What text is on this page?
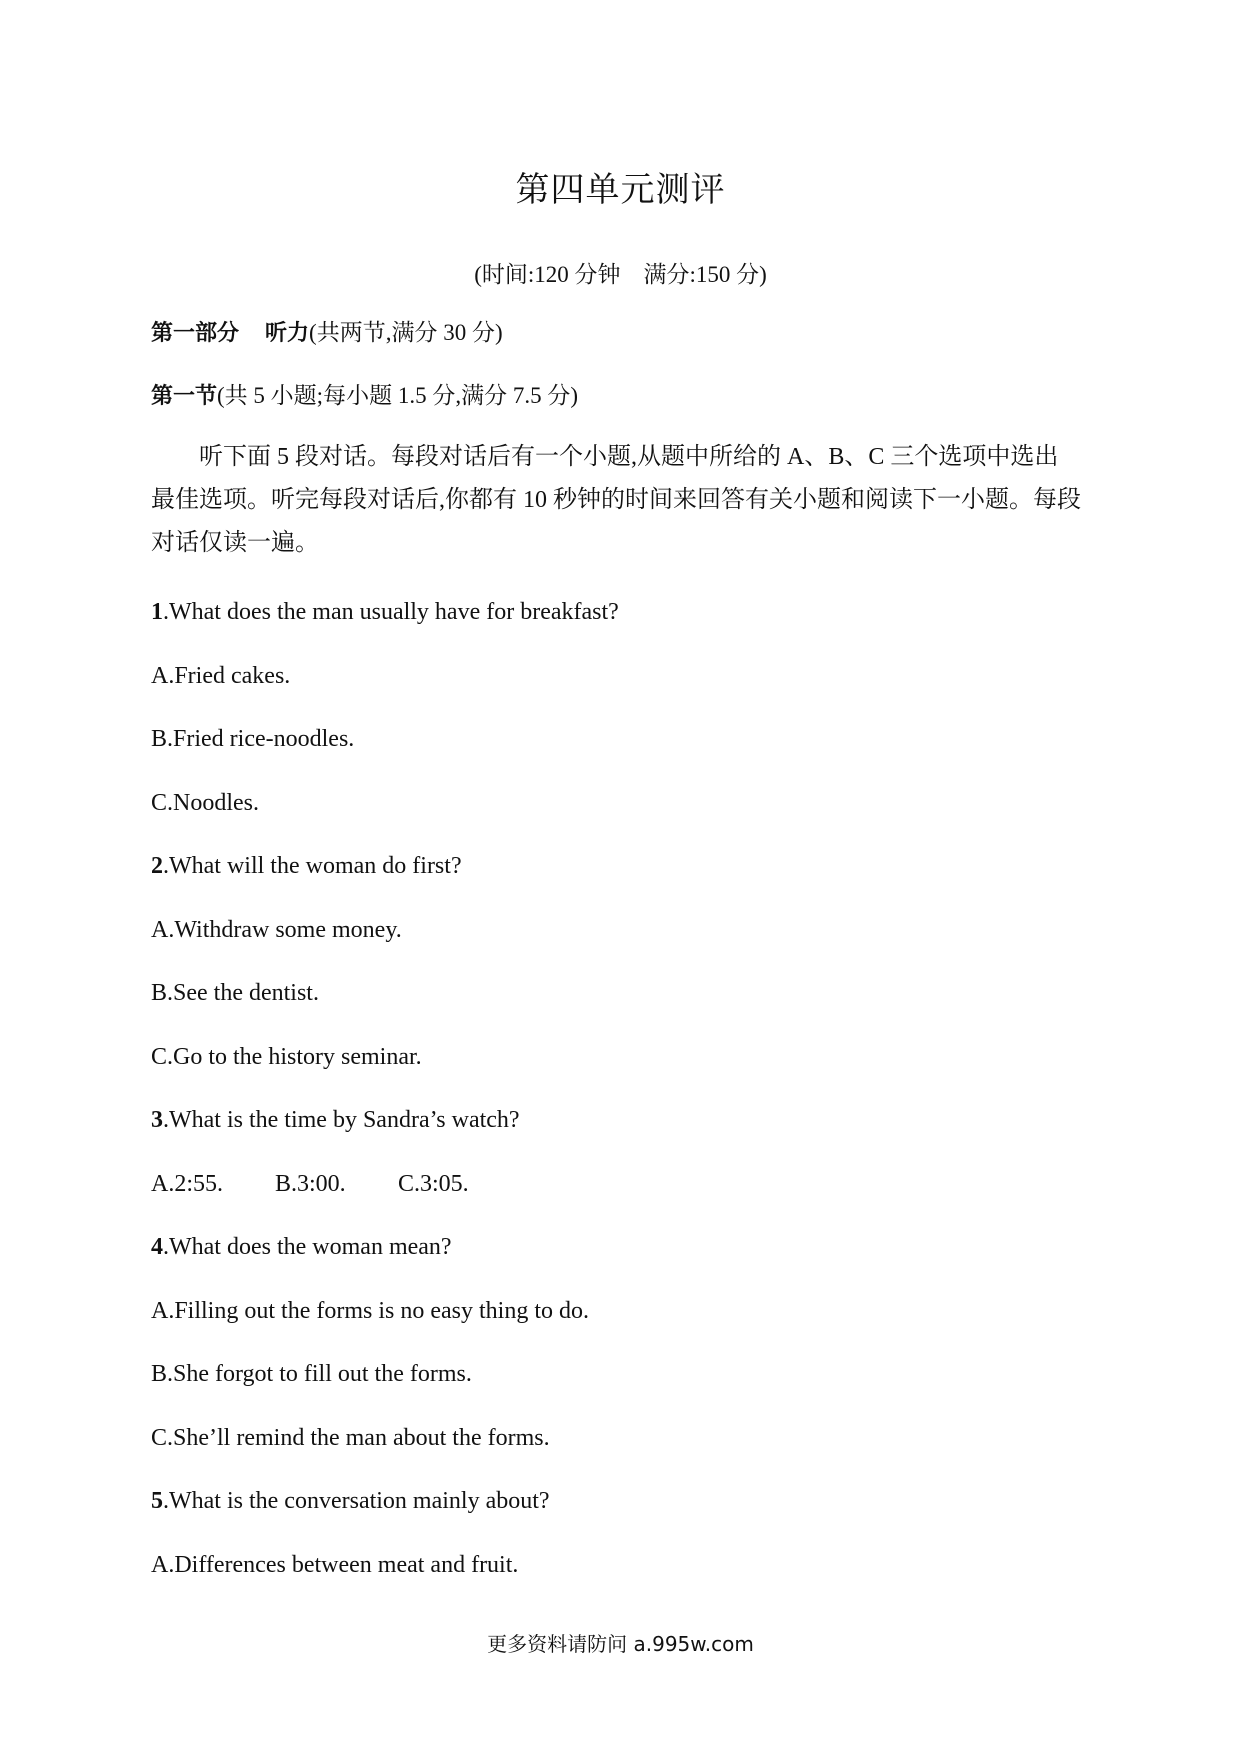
第四单元测评
(时间:120 分钟　满分:150 分)
第一部分 听力(共两节,满分 30 分)
第一节(共 5 小题;每小题 1.5 分,满分 7.5 分)
听下面 5 段对话。每段对话后有一个小题,从题中所给的 A、B、C 三个选项中选出最佳选项。听完每段对话后,你都有 10 秒钟的时间来回答有关小题和阅读下一小题。每段对话仅读一遍。
1.What does the man usually have for breakfast?
A.Fried cakes.
B.Fried rice-noodles.
C.Noodles.
2.What will the woman do first?
A.Withdraw some money.
B.See the dentist.
C.Go to the history seminar.
3.What is the time by Sandra’s watch?
A.2:55. B.3:00. C.3:05.
4.What does the woman mean?
A.Filling out the forms is no easy thing to do.
B.She forgot to fill out the forms.
C.She’ll remind the man about the forms.
5.What is the conversation mainly about?
A.Differences between meat and fruit.
更多资料请防问 a.995w.com
